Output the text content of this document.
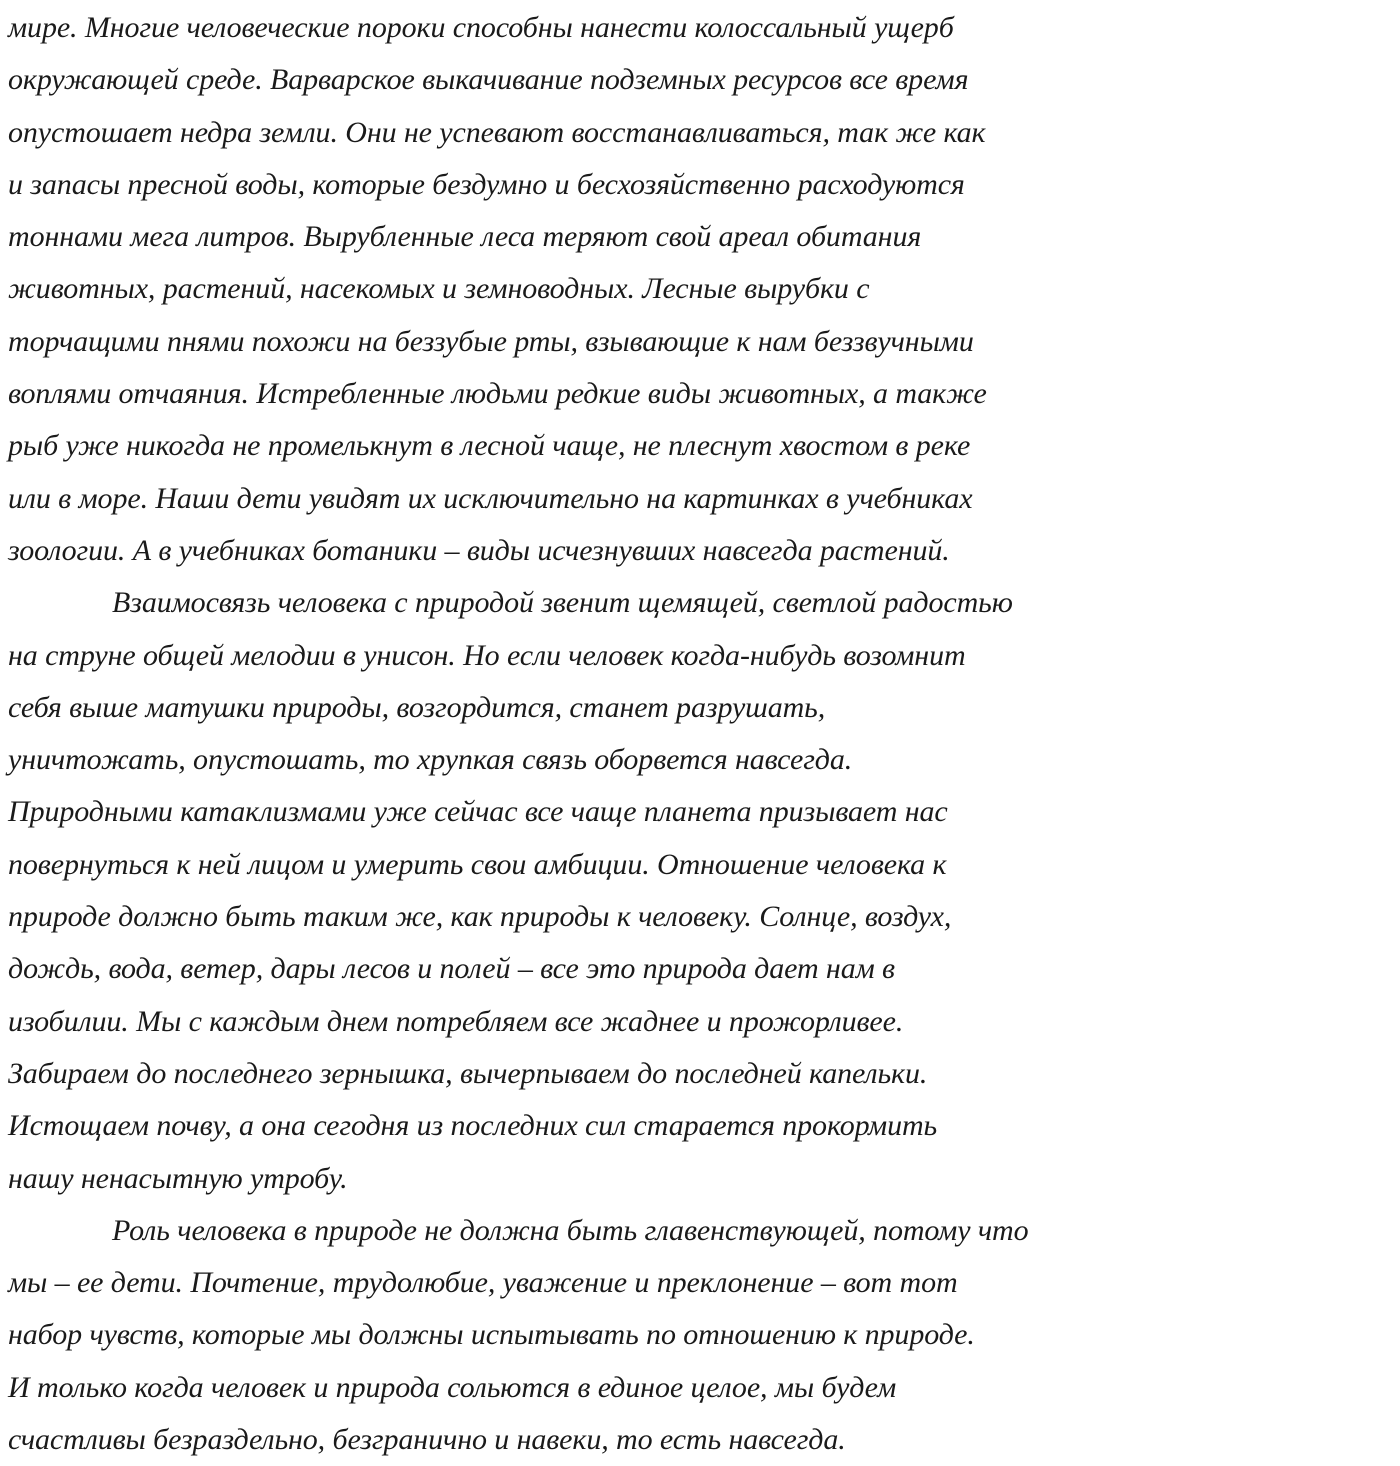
мире. Многие человеческие пороки способны нанести колоссальный ущерб
окружающей среде. Варварское выкачивание подземных ресурсов все время
опустошает недра земли. Они не успевают восстанавливаться, так же как
и запасы пресной воды, которые бездумно и бесхозяйственно расходуются
тоннами мега литров. Вырубленные леса теряют свой ареал обитания
животных, растений, насекомых и земноводных. Лесные вырубки с
торчащими пнями похожи на беззубые рты, взывающие к нам беззвучными
воплями отчаяния. Истребленные людьми редкие виды животных, а также
рыб уже никогда не промелькнут в лесной чаще, не плеснут хвостом в реке
или в море. Наши дети увидят их исключительно на картинках в учебниках
зоологии. А в учебниках ботаники – виды исчезнувших навсегда растений.
Взаимосвязь человека с природой звенит щемящей, светлой радостью
на струне общей мелодии в унисон. Но если человек когда-нибудь возомнит
себя выше матушки природы, возгордится, станет разрушать,
уничтожать, опустошать, то хрупкая связь оборвется навсегда.
Природными катаклизмами уже сейчас все чаще планета призывает нас
повернуться к ней лицом и умерить свои амбиции. Отношение человека к
природе должно быть таким же, как природы к человеку. Солнце, воздух,
дождь, вода, ветер, дары лесов и полей – все это природа дает нам в
изобилии. Мы с каждым днем потребляем все жаднее и прожорливее.
Забираем до последнего зернышка, вычерпываем до последней капельки.
Истощаем почву, а она сегодня из последних сил старается прокормить
нашу ненасытную утробу.
Роль человека в природе не должна быть главенствующей, потому что
мы – ее дети. Почтение, трудолюбие, уважение и преклонение – вот тот
набор чувств, которые мы должны испытывать по отношению к природе.
И только когда человек и природа сольются в единое целое, мы будем
счастливы безраздельно, безгранично и навеки, то есть навсегда.
